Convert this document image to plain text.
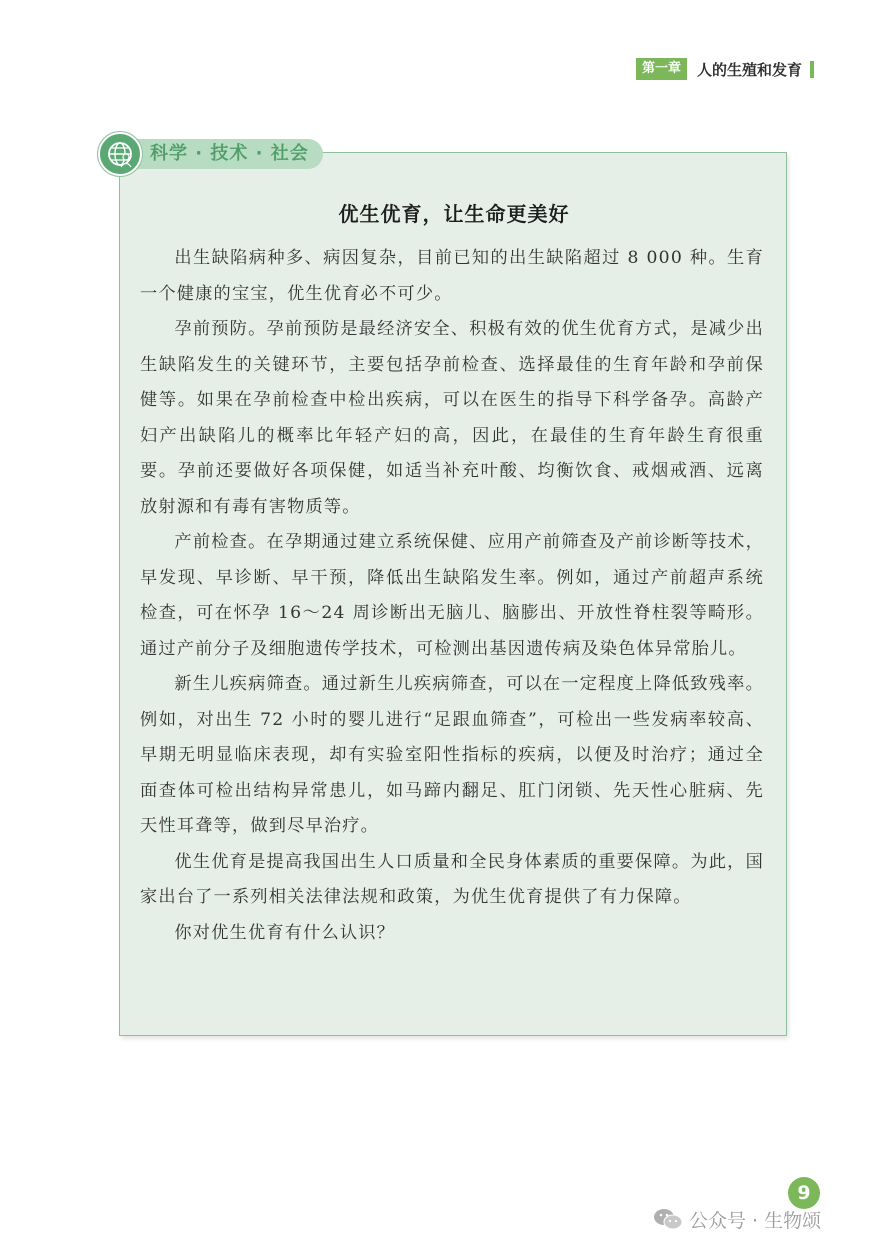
第一章	人的生殖和发育
优生优育，让生命更美好

出生缺陷病种多、病因复杂，目前已知的出生缺陷超过 8 000 种。生育一个健康的宝宝，优生优育必不可少。

孕前预防。孕前预防是最经济安全、积极有效的优生优育方式，是减少出生缺陷发生的关键环节，主要包括孕前检查、选择最佳的生育年龄和孕前保健等。如果在孕前检查中检出疾病，可以在医生的指导下科学备孕。高龄产妇产出缺陷儿的概率比年轻产妇的高，因此，在最佳的生育年龄生育很重要。孕前还要做好各项保健，如适当补充叶酸、均衡饮食、戒烟戒酒、远离放射源和有毒有害物质等。

产前检查。在孕期通过建立系统保健、应用产前筛查及产前诊断等技术，早发现、早诊断、早干预，降低出生缺陷发生率。例如，通过产前超声系统检查，可在怀孕 16～24 周诊断出无脑儿、脑膨出、开放性脊柱裂等畸形。通过产前分子及细胞遗传学技术，可检测出基因遗传病及染色体异常胎儿。

新生儿疾病筛查。通过新生儿疾病筛查，可以在一定程度上降低致残率。例如，对出生 72 小时的婴儿进行“足跟血筛查”，可检出一些发病率较高、早期无明显临床表现，却有实验室阳性指标的疾病，以便及时治疗；通过全面查体可检出结构异常患儿，如马蹄内翻足、肛门闭锁、先天性心脏病、先天性耳聋等，做到尽早治疗。

优生优育是提高我国出生人口质量和全民身体素质的重要保障。为此，国家出台了一系列相关法律法规和政策，为优生优育提供了有力保障。

你对优生优育有什么认识？

科学 · 技术 · 社会
9
公众号 · 生物颂
